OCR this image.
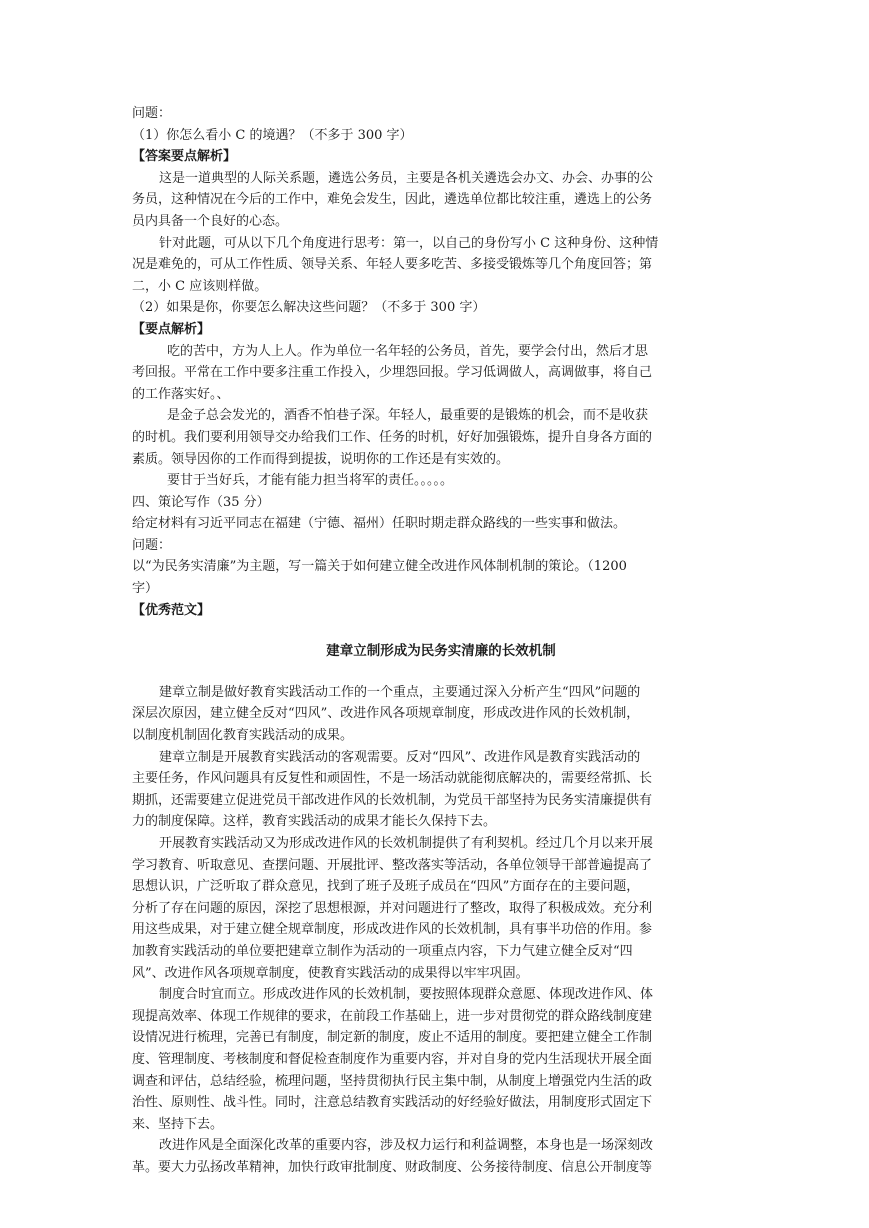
问题：
（1）你怎么看小 C 的境遇？（不多于 300 字）
【答案要点解析】
这是一道典型的人际关系题，遴选公务员，主要是各机关遴选会办文、办会、办事的公
务员，这种情况在今后的工作中，难免会发生，因此，遴选单位都比较注重，遴选上的公务
员内具备一个良好的心态。
针对此题，可从以下几个角度进行思考：第一，以自己的身份写小 C 这种身份、这种情
况是难免的，可从工作性质、领导关系、年轻人要多吃苦、多接受锻炼等几个角度回答；第
二，小 C 应该则样做。
（2）如果是你，你要怎么解决这些问题？（不多于 300 字）
【要点解析】
吃的苦中，方为人上人。作为单位一名年轻的公务员，首先，要学会付出，然后才思
考回报。平常在工作中要多注重工作投入，少埋怨回报。学习低调做人，高调做事，将自己
的工作落实好。、
是金子总会发光的，酒香不怕巷子深。年轻人，最重要的是锻炼的机会，而不是收获
的时机。我们要利用领导交办给我们工作、任务的时机，好好加强锻炼，提升自身各方面的
素质。领导因你的工作而得到提拔，说明你的工作还是有实效的。
要甘于当好兵，才能有能力担当将军的责任。。。。。
四、策论写作（35 分）
给定材料有习近平同志在福建（宁德、福州）任职时期走群众路线的一些实事和做法。
问题：
以“为民务实清廉”为主题，写一篇关于如何建立健全改进作风体制机制的策论。（1200
字）
【优秀范文】
建章立制形成为民务实清廉的长效机制
建章立制是做好教育实践活动工作的一个重点，主要通过深入分析产生“四风”问题的
深层次原因，建立健全反对“四风”、改进作风各项规章制度，形成改进作风的长效机制，
以制度机制固化教育实践活动的成果。
建章立制是开展教育实践活动的客观需要。反对“四风”、改进作风是教育实践活动的
主要任务，作风问题具有反复性和顽固性，不是一场活动就能彻底解决的，需要经常抓、长
期抓，还需要建立促进党员干部改进作风的长效机制，为党员干部坚持为民务实清廉提供有
力的制度保障。这样，教育实践活动的成果才能长久保持下去。
开展教育实践活动又为形成改进作风的长效机制提供了有利契机。经过几个月以来开展
学习教育、听取意见、查摆问题、开展批评、整改落实等活动，各单位领导干部普遍提高了
思想认识，广泛听取了群众意见，找到了班子及班子成员在“四风”方面存在的主要问题，
分析了存在问题的原因，深挖了思想根源，并对问题进行了整改，取得了积极成效。充分利
用这些成果，对于建立健全规章制度，形成改进作风的长效机制，具有事半功倍的作用。参
加教育实践活动的单位要把建章立制作为活动的一项重点内容，下力气建立健全反对“四
风”、改进作风各项规章制度，使教育实践活动的成果得以牢牢巩固。
制度合时宜而立。形成改进作风的长效机制，要按照体现群众意愿、体现改进作风、体
现提高效率、体现工作规律的要求，在前段工作基础上，进一步对贯彻党的群众路线制度建
设情况进行梳理，完善已有制度，制定新的制度，废止不适用的制度。要把建立健全工作制
度、管理制度、考核制度和督促检查制度作为重要内容，并对自身的党内生活现状开展全面
调查和评估，总结经验，梳理问题，坚持贯彻执行民主集中制，从制度上增强党内生活的政
治性、原则性、战斗性。同时，注意总结教育实践活动的好经验好做法，用制度形式固定下
来、坚持下去。
改进作风是全面深化改革的重要内容，涉及权力运行和利益调整，本身也是一场深刻改
革。要大力弘扬改革精神，加快行政审批制度、财政制度、公务接待制度、信息公开制度等
